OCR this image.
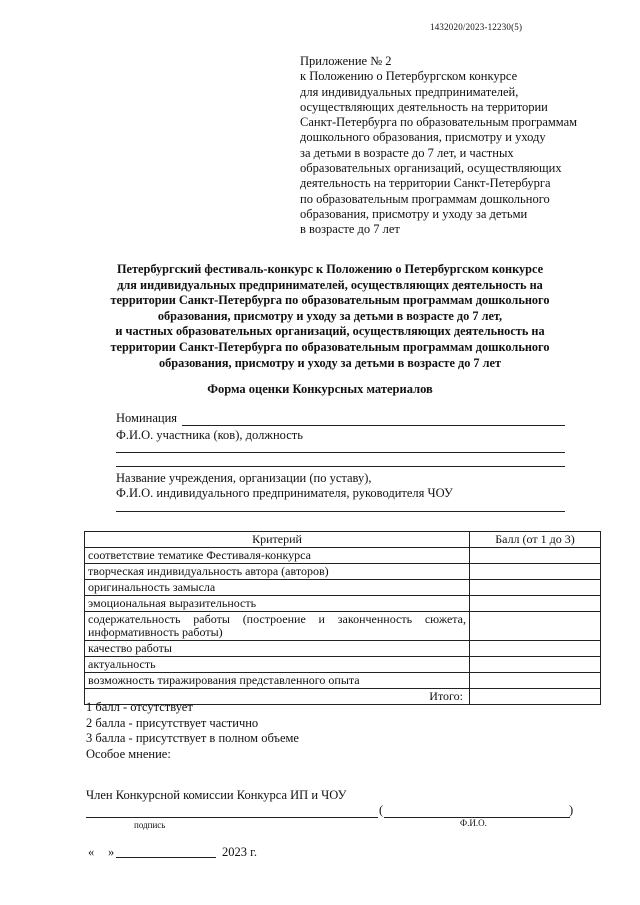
1432020/2023-12230(5)
Приложение № 2
к Положению о Петербургском конкурсе
для индивидуальных предпринимателей,
осуществляющих деятельность на территории
Санкт-Петербурга по образовательным программам
дошкольного образования, присмотру и уходу
за детьми в возрасте до 7 лет, и частных
образовательных организаций, осуществляющих
деятельность на территории Санкт-Петербурга
по образовательным программам дошкольного
образования, присмотру и уходу за детьми
в возрасте до 7 лет
Петербургский фестиваль-конкурс к Положению о Петербургском конкурсе
для индивидуальных предпринимателей, осуществляющих деятельность на
территории Санкт-Петербурга по образовательным программам дошкольного
образования, присмотру и уходу за детьми в возрасте до 7 лет,
и частных образовательных организаций, осуществляющих деятельность на
территории Санкт-Петербурга по образовательным программам дошкольного
образования, присмотру и уходу за детьми в возрасте до 7 лет
Форма оценки Конкурсных материалов
Номинация
Ф.И.О. участника (ков), должность
Название учреждения, организации (по уставу),
Ф.И.О. индивидуального предпринимателя, руководителя ЧОУ
Критерий	Балл (от 1 до 3)
соответствие тематике Фестиваля-конкурса	
творческая индивидуальность автора (авторов)	
оригинальность замысла	
эмоциональная выразительность	
содержательность работы (построение и законченность сюжета, информативность работы)	
качество работы	
актуальность	
возможность тиражирования представленного опыта	
Итого:	
1 балл - отсутствует
2 балла - присутствует частично
3 балла - присутствует в полном объеме
Особое мнение:
Член Конкурсной комиссии Конкурса ИП и ЧОУ
(	)
подпись	Ф.И.О.
« »	2023 г.
